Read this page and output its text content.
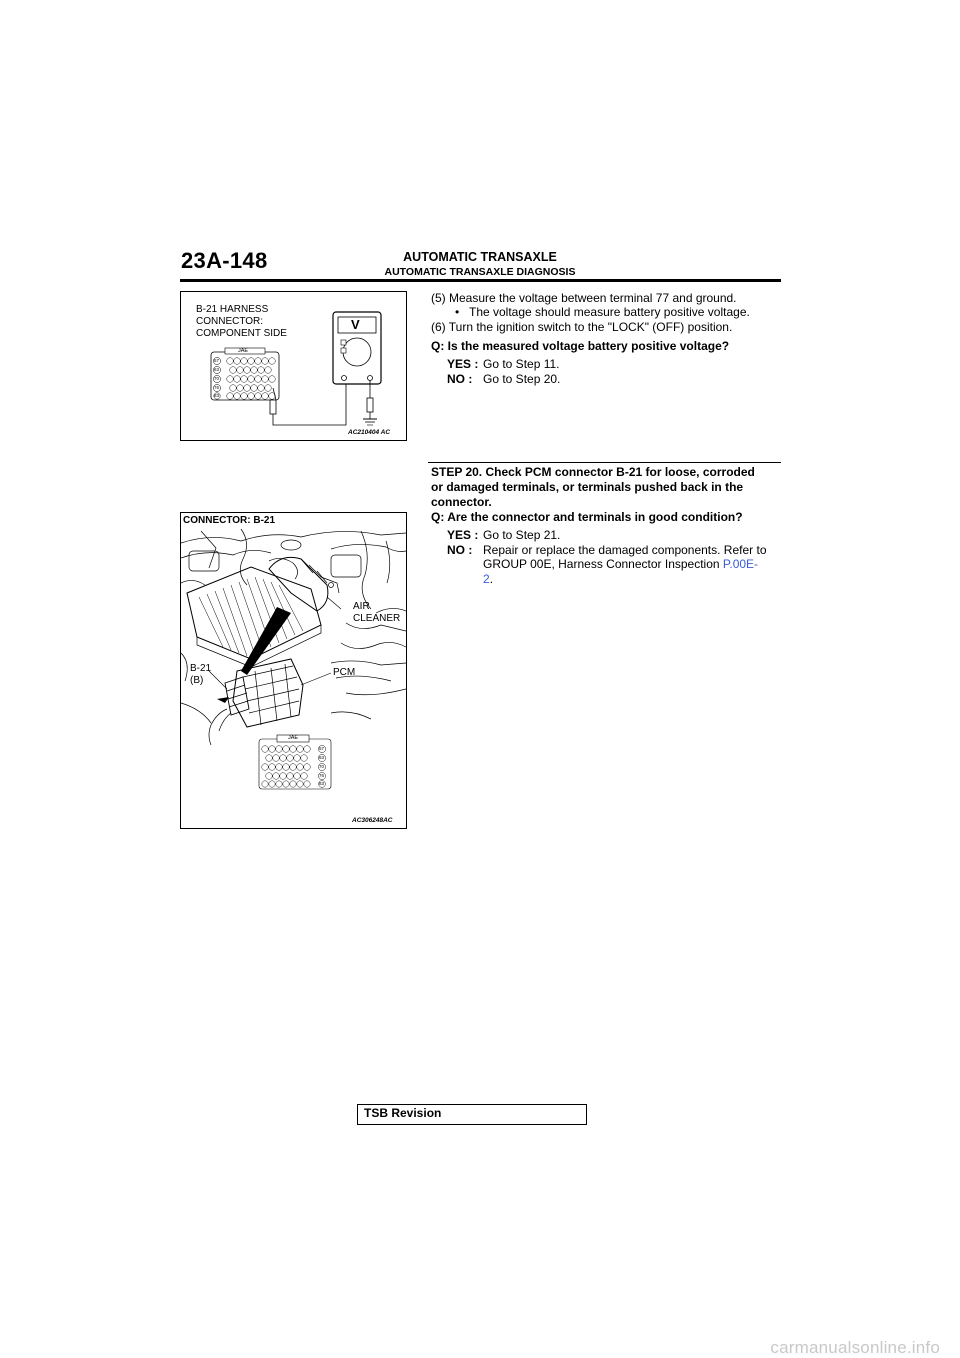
23A-148	AUTOMATIC TRANSAXLE
AUTOMATIC TRANSAXLE DIAGNOSIS
B-21 HARNESS
CONNECTOR:
COMPONENT SIDE
JAE
57
63
70
76
83
V
AC210404 AC
(5) Measure the voltage between terminal 77 and ground.
• The voltage should measure battery positive voltage.
(6) Turn the ignition switch to the "LOCK" (OFF) position.
Q: Is the measured voltage battery positive voltage?
YES : Go to Step 11.
NO : Go to Step 20.
STEP 20. Check PCM connector B-21 for loose, corroded
or damaged terminals, or terminals pushed back in the
connector.
Q: Are the connector and terminals in good condition?
YES : Go to Step 21.
NO : Repair or replace the damaged components. Refer to
GROUP 00E, Harness Connector Inspection P.00E-
2.
CONNECTOR: B-21
AIR
CLEANER
B-21
(B)
PCM
JAE
57
63
70
76
83
AC306248AC
TSB Revision
carmanualsonline.info
